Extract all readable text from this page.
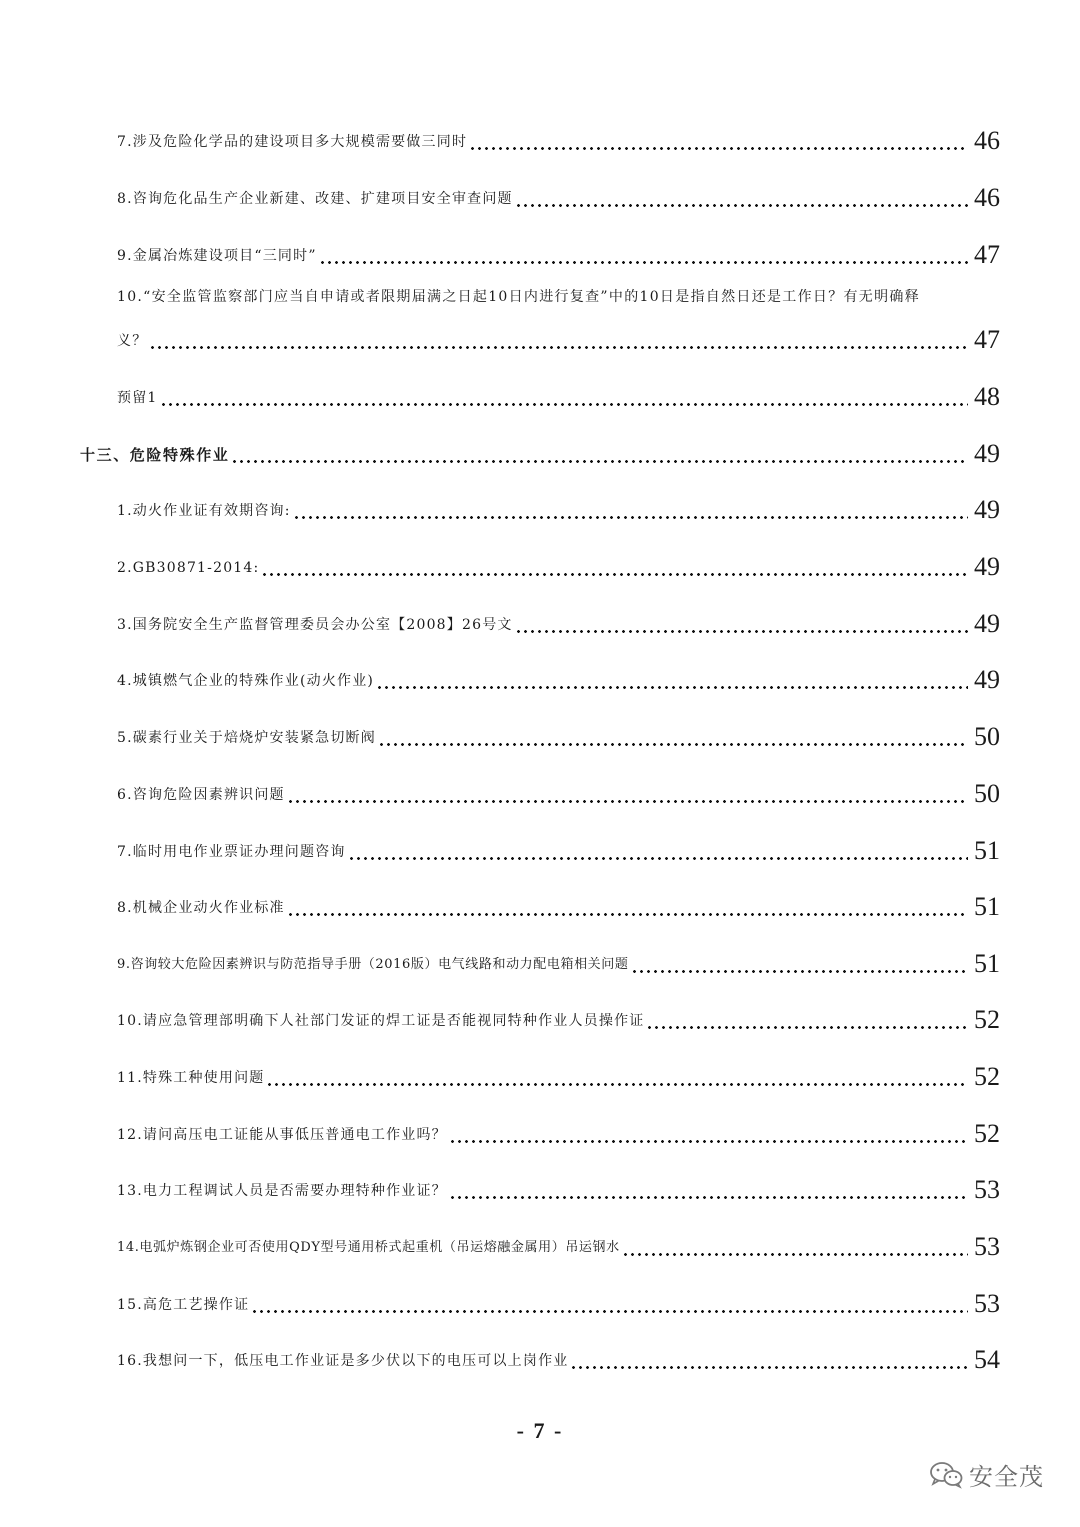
7.涉及危险化学品的建设项目多大规模需要做三同时	46
8.咨询危化品生产企业新建、改建、扩建项目安全审查问题	46
9.金属冶炼建设项目“三同时”	47
10.“安全监管监察部门应当自申请或者限期届满之日起10日内进行复查”中的10日是指自然日还是工作日？有无明确释
义？	47
预留1	48
十三、危险特殊作业	49
1.动火作业证有效期咨询:	49
2.GB30871-2014:	49
3.国务院安全生产监督管理委员会办公室【2008】26号文	49
4.城镇燃气企业的特殊作业(动火作业)	49
5.碳素行业关于焙烧炉安装紧急切断阀	50
6.咨询危险因素辨识问题	50
7.临时用电作业票证办理问题咨询	51
8.机械企业动火作业标准	51
9.咨询较大危险因素辨识与防范指导手册（2016版）电气线路和动力配电箱相关问题	51
10.请应急管理部明确下人社部门发证的焊工证是否能视同特种作业人员操作证	52
11.特殊工种使用问题	52
12.请问高压电工证能从事低压普通电工作业吗？	52
13.电力工程调试人员是否需要办理特种作业证？	53
14.电弧炉炼钢企业可否使用QDY型号通用桥式起重机（吊运熔融金属用）吊运钢水	53
15.高危工艺操作证	53
16.我想问一下，低压电工作业证是多少伏以下的电压可以上岗作业	54
- 7 -
安全茂
